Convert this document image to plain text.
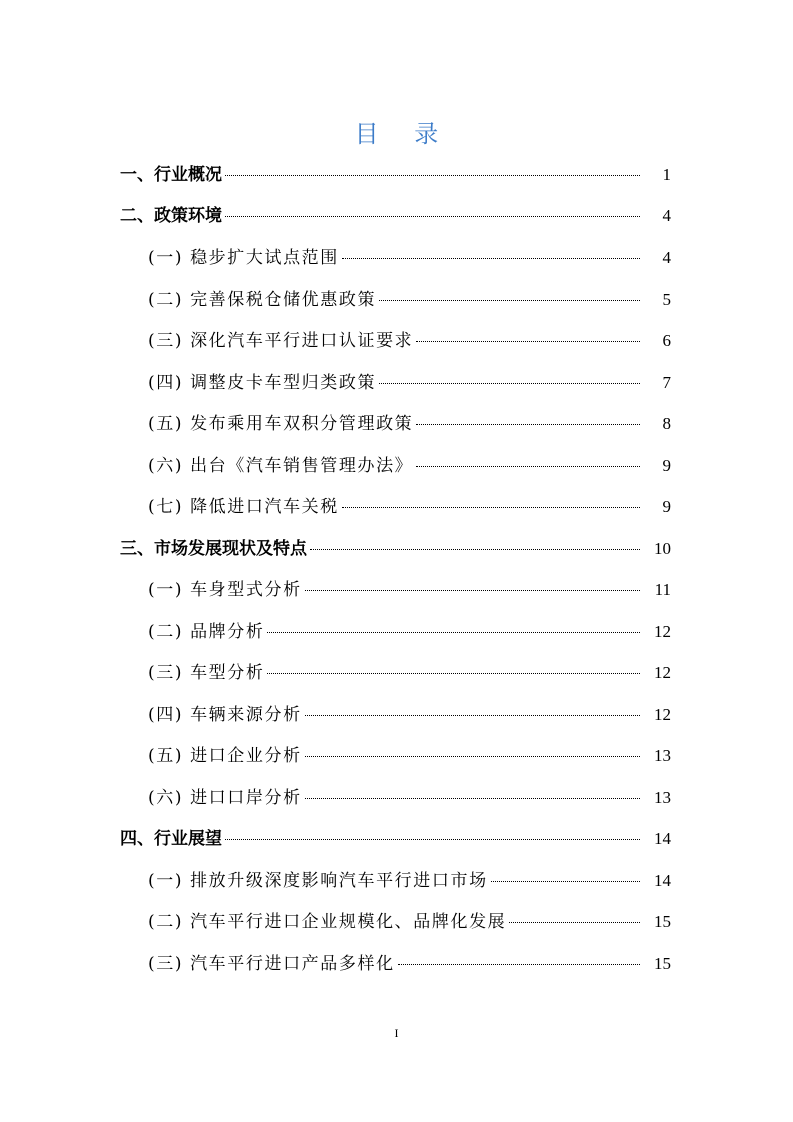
目 录
一、行业概况	1
二、政策环境	4
(一) 稳步扩大试点范围	4
(二) 完善保税仓储优惠政策	5
(三) 深化汽车平行进口认证要求	6
(四) 调整皮卡车型归类政策	7
(五) 发布乘用车双积分管理政策	8
(六) 出台《汽车销售管理办法》	9
(七) 降低进口汽车关税	9
三、市场发展现状及特点	10
(一) 车身型式分析	11
(二) 品牌分析	12
(三) 车型分析	12
(四) 车辆来源分析	12
(五) 进口企业分析	13
(六) 进口口岸分析	13
四、行业展望	14
(一) 排放升级深度影响汽车平行进口市场	14
(二) 汽车平行进口企业规模化、品牌化发展	15
(三) 汽车平行进口产品多样化	15
I
